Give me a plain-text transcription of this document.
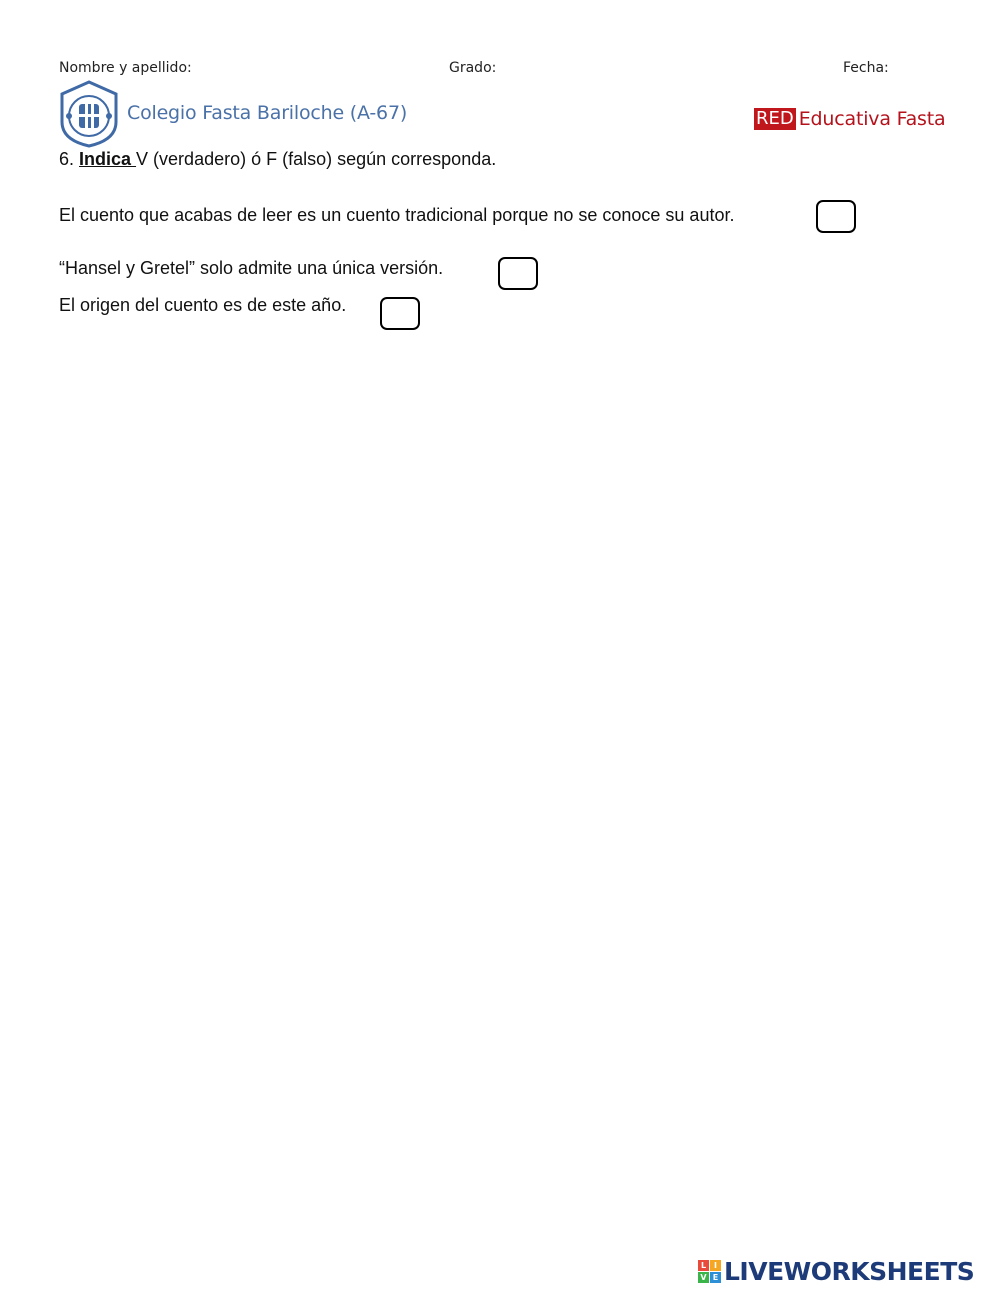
Nombre y apellido:	Grado:	Fecha:
Colegio Fasta Bariloche (A-67)	RED Educativa Fasta
6. Indica V (verdadero) ó F (falso) según corresponda.
El cuento que acabas de leer es un cuento tradicional porque no se conoce su autor.
“Hansel y Gretel” solo admite una única versión.
El origen del cuento es de este año.
L I
V E LIVEWORKSHEETS
